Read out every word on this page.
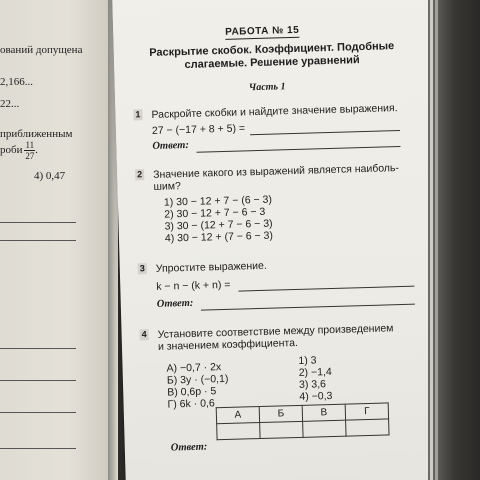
ований допущена
2,166...
22...
приближенным
роби $\frac{11}{27}$ .
4) 0,47
РАБОТА № 15
Раскрытие скобок. Коэффициент. Подобные
слагаемые. Решение уравнений
Часть 1
1 Раскройте скобки и найдите значение выражения.
27 − (−17 + 8 + 5) =
Ответ:
2 Значение какого из выражений является наиболь-
шим?
1) 30 − 12 + 7 − (6 − 3)
2) 30 − 12 + 7 − 6 − 3
3) 30 − (12 + 7 − 6 − 3)
4) 30 − 12 + (7 − 6 − 3)
3 Упростите выражение.
k − n − (k + n) =
Ответ:
4 Установите соответствие между произведением
и значением коэффициента.
А) −0,7 · 2x
Б) 3y · (−0,1)
В) 0,6p · 5
Г) 6k · 0,6
1) 3
2) −1,4
3) 3,6
4) −0,3
А	Б	В	Г

Ответ:
